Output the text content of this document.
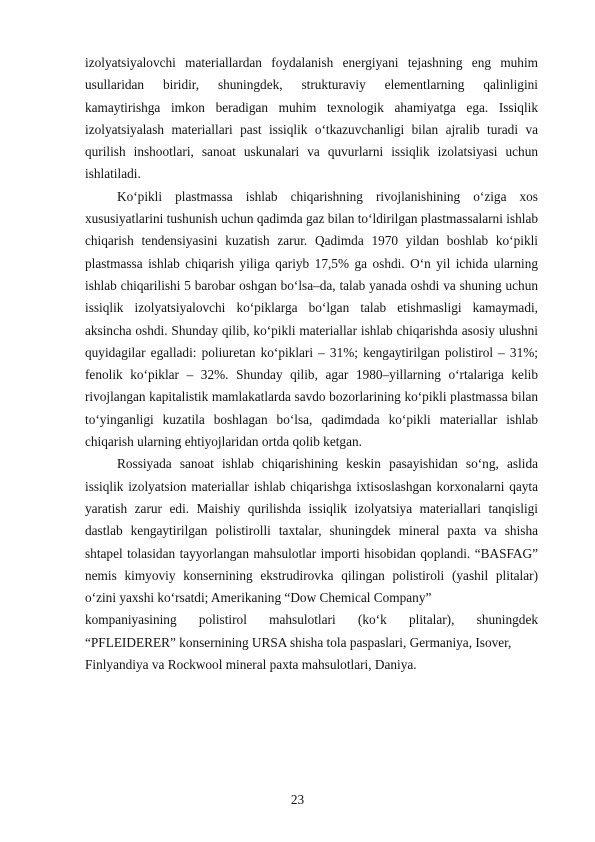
izolyatsiyalovchi materiallardan foydalanish energiyani tejashning eng muhim usullaridan biridir, shuningdek, strukturaviy elementlarning qalinligini kamaytirishga imkon beradigan muhim texnologik ahamiyatga ega. Issiqlik izolyatsiyalash materiallari past issiqlik o‘tkazuvchanligi bilan ajralib turadi va qurilish inshootlari, sanoat uskunalari va quvurlarni issiqlik izolatsiyasi uchun ishlatiladi.

Ko‘pikli plastmassa ishlab chiqarishning rivojlanishining o‘ziga xos xususiyatlarini tushunish uchun qadimda gaz bilan to‘ldirilgan plastmassalarni ishlab chiqarish tendensiyasini kuzatish zarur. Qadimda 1970 yildan boshlab ko‘pikli plastmassa ishlab chiqarish yiliga qariyb 17,5% ga oshdi. O‘n yil ichida ularning ishlab chiqarilishi 5 barobar oshgan bo‘lsa–da, talab yanada oshdi va shuning uchun issiqlik izolyatsiyalovchi ko‘piklarga bo‘lgan talab etishmasligi kamaymadi, aksincha oshdi. Shunday qilib, ko‘pikli materiallar ishlab chiqarishda asosiy ulushni quyidagilar egalladi: poliuretan ko‘piklari – 31%; kengaytirilgan polistirol – 31%; fenolik ko‘piklar – 32%. Shunday qilib, agar 1980–yillarning o‘rtalariga kelib rivojlangan kapitalistik mamlakatlarda savdo bozorlarining ko‘pikli plastmassa bilan to‘yinganligi kuzatila boshlagan bo‘lsa, qadimdada ko‘pikli materiallar ishlab chiqarish ularning ehtiyojlaridan ortda qolib ketgan.

Rossiyada sanoat ishlab chiqarishining keskin pasayishidan so‘ng, aslida issiqlik izolyatsion materiallar ishlab chiqarishga ixtisoslashgan korxonalarni qayta yaratish zarur edi. Maishiy qurilishda issiqlik izolyatsiya materiallari tanqisligi dastlab kengaytirilgan polistirolli taxtalar, shuningdek mineral paxta va shisha shtapel tolasidan tayyorlangan mahsulotlar importi hisobidan qoplandi. “BASFAG” nemis kimyoviy konsernining ekstrudirovka qilingan polistiroli (yashil plitalar) o‘zini yaxshi ko‘rsatdi; Amerikaning “Dow Chemical Company”

kompaniyasining polistirol mahsulotlari (ko‘k plitalar), shuningdek

“PFLEIDERER” konsernining URSA shisha tola paspaslari, Germaniya, Isover,

Finlyandiya va Rockwool mineral paxta mahsulotlari, Daniya.

23
